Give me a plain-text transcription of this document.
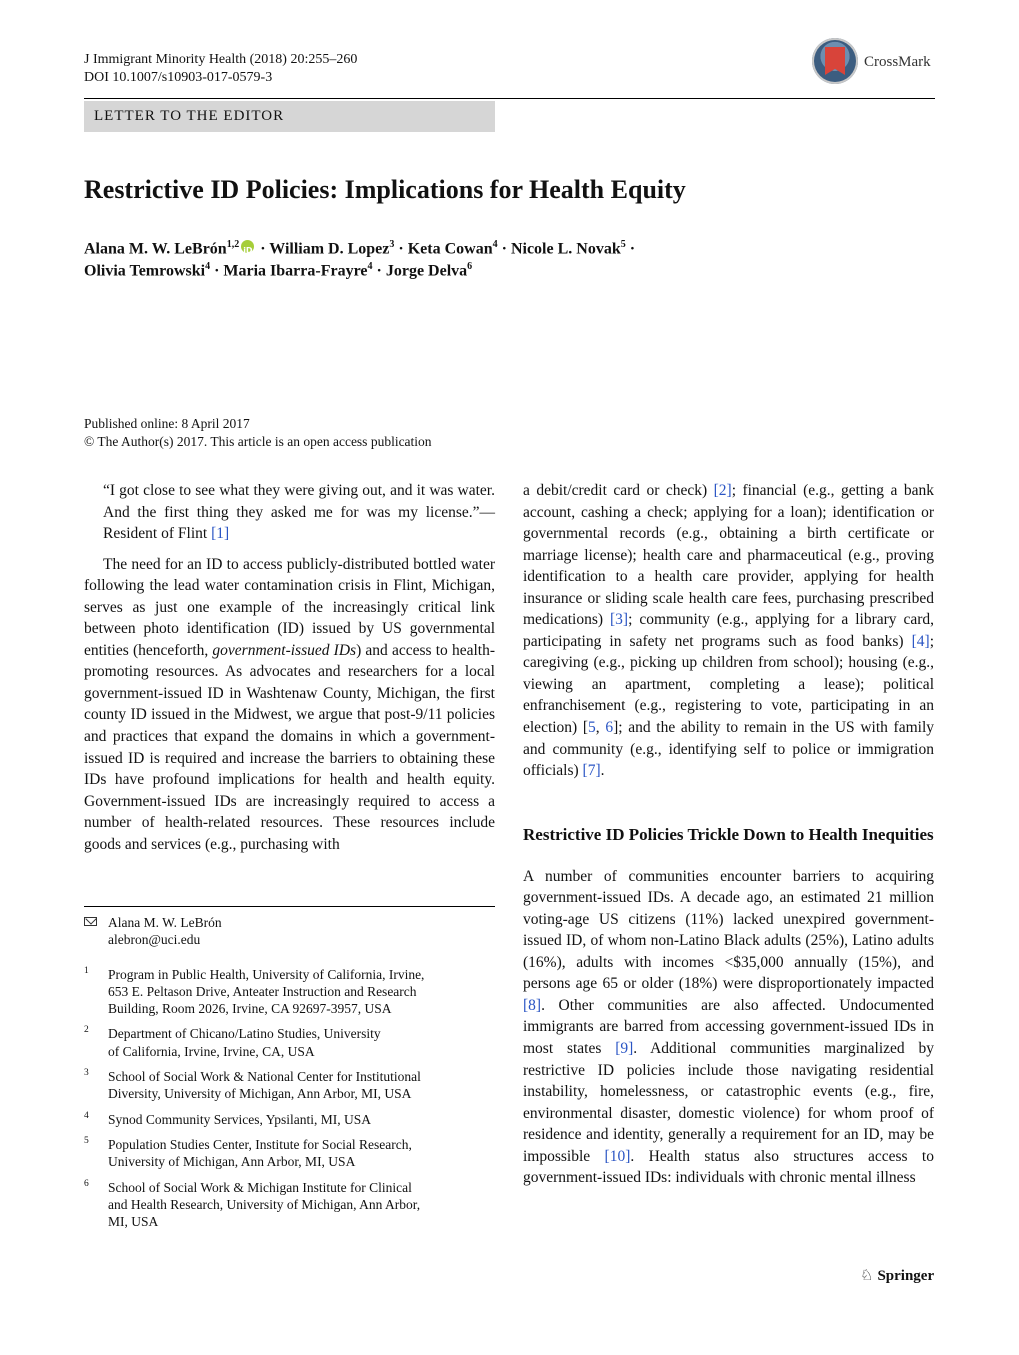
J Immigrant Minority Health (2018) 20:255–260
DOI 10.1007/s10903-017-0579-3
CrossMark
LETTER TO THE EDITOR
Restrictive ID Policies: Implications for Health Equity
Alana M. W. LeBrón$^{1,2}$iD · William D. Lopez$^3$ · Keta Cowan$^4$ · Nicole L. Novak$^5$ ·
Olivia Temrowski$^4$ · Maria Ibarra-Frayre$^4$ · Jorge Delva$^6$
Published online: 8 April 2017
© The Author(s) 2017. This article is an open access publication

“I got close to see what they were giving out, and it was water. And the first thing they asked me for was my license.”—Resident of Flint [1]

The need for an ID to access publicly-distributed bottled water following the lead water contamination crisis in Flint, Michigan, serves as just one example of the increasingly critical link between photo identification (ID) issued by US governmental entities (henceforth, government-issued IDs) and access to health-promoting resources. As advocates and researchers for a local government-issued ID in Washtenaw County, Michigan, the first county ID issued in the Midwest, we argue that post-9/11 policies and practices that expand the domains in which a government-issued ID is required and increase the barriers to obtaining these IDs have profound implications for health and health equity. Government-issued IDs are increasingly required to access a number of health-related resources. These resources include goods and services (e.g., purchasing with

a debit/credit card or check) [2]; financial (e.g., getting a bank account, cashing a check; applying for a loan); identification or governmental records (e.g., obtaining a birth certificate or marriage license); health care and pharmaceutical (e.g., proving identification to a health care provider, applying for health insurance or sliding scale health care fees, purchasing prescribed medications) [3]; community (e.g., applying for a library card, participating in safety net programs such as food banks) [4]; caregiving (e.g., picking up children from school); housing (e.g., viewing an apartment, completing a lease); political enfranchisement (e.g., registering to vote, participating in an election) [5, 6]; and the ability to remain in the US with family and community (e.g., identifying self to police or immigration officials) [7].

Restrictive ID Policies Trickle Down to Health Inequities

A number of communities encounter barriers to acquiring government-issued IDs. A decade ago, an estimated 21 million voting-age US citizens (11%) lacked unexpired government-issued ID, of whom non-Latino Black adults (25%), Latino adults (16%), adults with incomes <$35,000 annually (15%), and persons age 65 or older (18%) were disproportionately impacted [8]. Other communities are also affected. Undocumented immigrants are barred from accessing government-issued IDs in most states [9]. Additional communities marginalized by restrictive ID policies include those navigating residential instability, homelessness, or catastrophic events (e.g., fire, environmental disaster, domestic violence) for whom proof of residence and identity, generally a requirement for an ID, may be impossible [10]. Health status also structures access to government-issued IDs: individuals with chronic mental illness

Alana M. W. LeBrón
alebron@uci.edu
1 Program in Public Health, University of California, Irvine,
653 E. Peltason Drive, Anteater Instruction and Research
Building, Room 2026, Irvine, CA 92697-3957, USA
2 Department of Chicano/Latino Studies, University
of California, Irvine, Irvine, CA, USA
3 School of Social Work & National Center for Institutional
Diversity, University of Michigan, Ann Arbor, MI, USA
4 Synod Community Services, Ypsilanti, MI, USA
5 Population Studies Center, Institute for Social Research,
University of Michigan, Ann Arbor, MI, USA
6 School of Social Work & Michigan Institute for Clinical
and Health Research, University of Michigan, Ann Arbor,
MI, USA
♘ Springer
